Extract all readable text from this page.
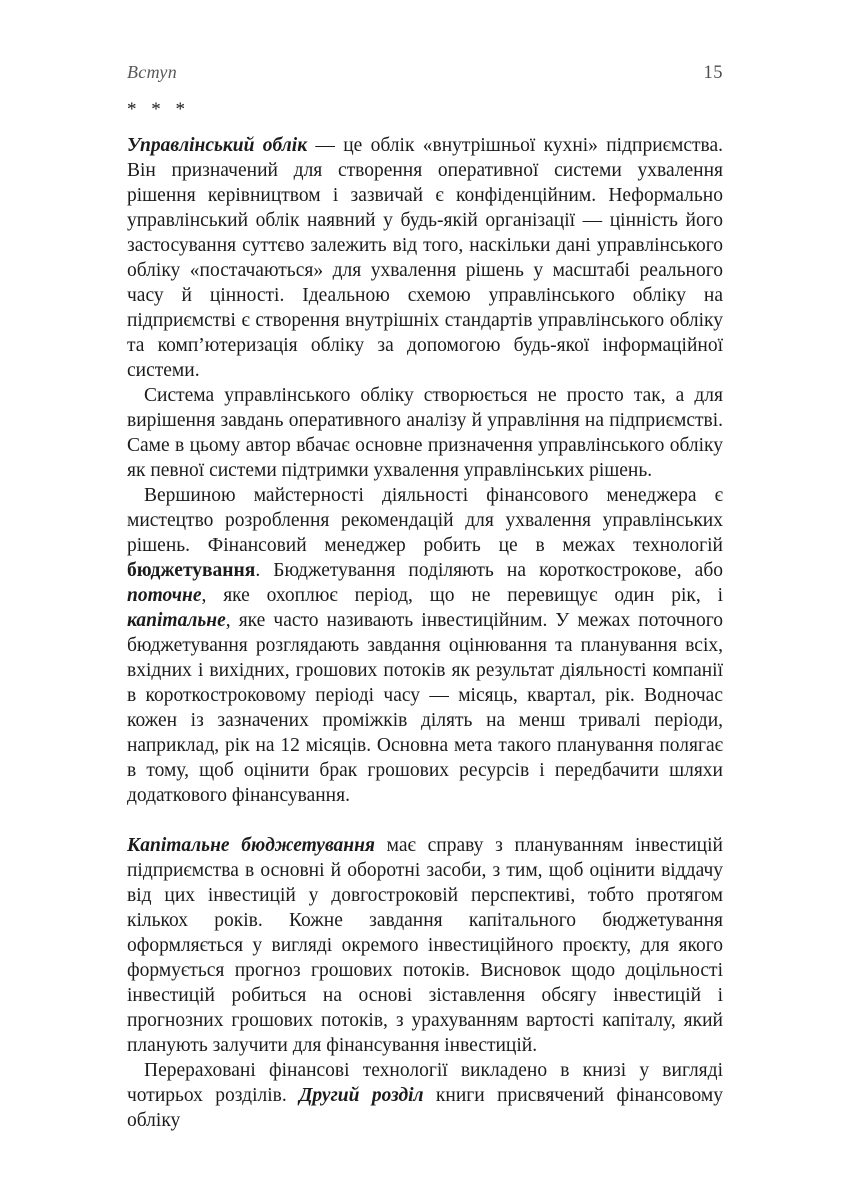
Вступ	15
* * *

Управлінський облік — це облік «внутрішньої кухні» підприємства. Він призначений для створення оперативної системи ухвалення рішення керівництвом і зазвичай є конфіденційним. Неформально управлінський облік наявний у будь-якій організації — цінність його застосування суттєво залежить від того, наскільки дані управлінського обліку «постачаються» для ухвалення рішень у масштабі реального часу й цінності. Ідеальною схемою управлінського обліку на підприємстві є створення внутрішніх стандартів управлінського обліку та комп’ютеризація обліку за допомогою будь-якої інформаційної системи.

Система управлінського обліку створюється не просто так, а для вирішення завдань оперативного аналізу й управління на підприємстві. Саме в цьому автор вбачає основне призначення управлінського обліку як певної системи підтримки ухвалення управлінських рішень.

Вершиною майстерності діяльності фінансового менеджера є мистецтво розроблення рекомендацій для ухвалення управлінських рішень. Фінансовий менеджер робить це в межах технологій бюджетування. Бюджетування поділяють на короткострокове, або поточне, яке охоплює період, що не перевищує один рік, і капітальне, яке часто називають інвестиційним. У межах поточного бюджетування розглядають завдання оцінювання та планування всіх, вхідних і вихідних, грошових потоків як результат діяльності компанії в короткостроковому періоді часу — місяць, квартал, рік. Водночас кожен із зазначених проміжків ділять на менш тривалі періоди, наприклад, рік на 12 місяців. Основна мета такого планування полягає в тому, щоб оцінити брак грошових ресурсів і передбачити шляхи додаткового фінансування.

Капітальне бюджетування має справу з плануванням інвестицій підприємства в основні й оборотні засоби, з тим, щоб оцінити віддачу від цих інвестицій у довгостроковій перспективі, тобто протягом кількох років. Кожне завдання капітального бюджетування оформляється у вигляді окремого інвестиційного проєкту, для якого формується прогноз грошових потоків. Висновок щодо доцільності інвестицій робиться на основі зіставлення обсягу інвестицій і прогнозних грошових потоків, з урахуванням вартості капіталу, який планують залучити для фінансування інвестицій.

Перераховані фінансові технології викладено в книзі у вигляді чотирьох розділів. Другий розділ книги присвячений фінансовому обліку
